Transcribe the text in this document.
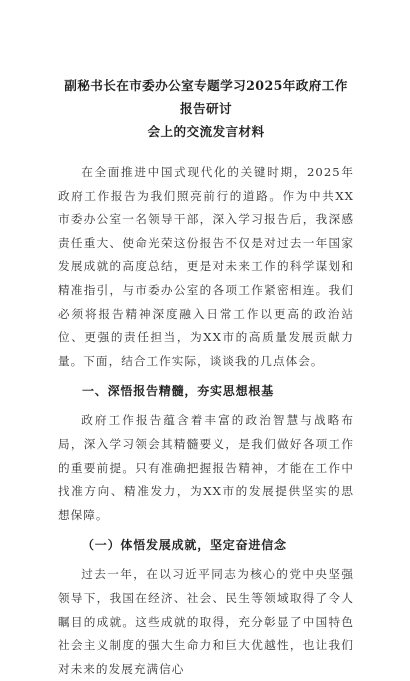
副秘书长在市委办公室专题学习2025年政府工作报告研讨
会上的交流发言材料

在全面推进中国式现代化的关键时期，2025年政府工作报告为我们照亮前行的道路。作为中共XX市委办公室一名领导干部，深入学习报告后，我深感责任重大、使命光荣这份报告不仅是对过去一年国家发展成就的高度总结，更是对未来工作的科学谋划和精准指引，与市委办公室的各项工作紧密相连。我们必须将报告精神深度融入日常工作以更高的政治站位、更强的责任担当，为XX市的高质量发展贡献力量。下面，结合工作实际，谈谈我的几点体会。

一、深悟报告精髓，夯实思想根基

政府工作报告蕴含着丰富的政治智慧与战略布局，深入学习领会其精髓要义，是我们做好各项工作的重要前提。只有准确把握报告精神，才能在工作中找准方向、精准发力，为XX市的发展提供坚实的思想保障。

（一）体悟发展成就，坚定奋进信念

过去一年，在以习近平同志为核心的党中央坚强领导下，我国在经济、社会、民生等领域取得了令人瞩目的成就。这些成就的取得，充分彰显了中国特色社会主义制度的强大生命力和巨大优越性，也让我们对未来的发展充满信心
